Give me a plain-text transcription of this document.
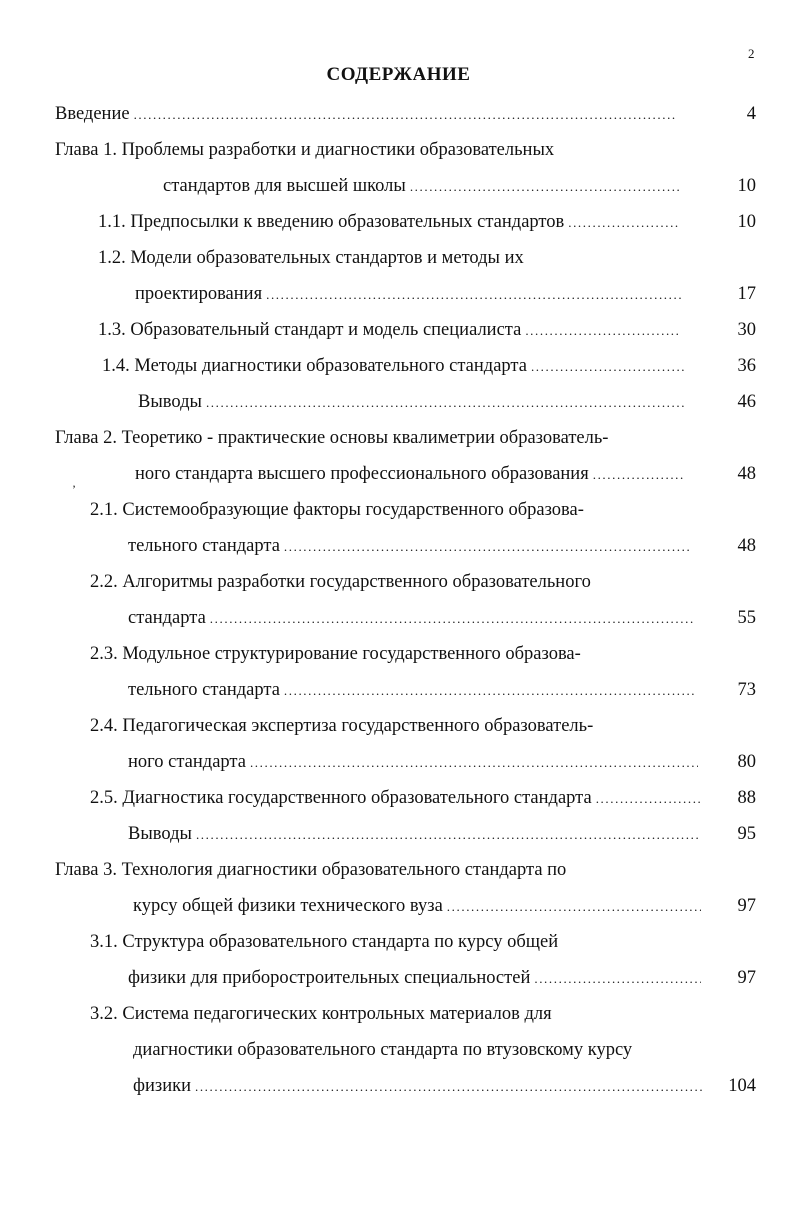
2
СОДЕРЖАНИЕ
Введение .....	4
Глава 1. Проблемы разработки и диагностики образовательных
стандартов для высшей школы .....	10
1.1. Предпосылки к введению образовательных стандартов .....	10
1.2. Модели образовательных стандартов и методы их
проектирования .....	17
1.3. Образовательный стандарт и модель специалиста .....	30
1.4. Методы диагностики образовательного стандарта .....	36
Выводы .....	46
Глава 2. Теоретико - практические основы квалиметрии образователь-
ного стандарта высшего профессионального образования .....	48
’
2.1. Системообразующие факторы государственного образова-
тельного стандарта .....	48
2.2. Алгоритмы разработки государственного образовательного
стандарта .....	55
2.3. Модульное структурирование государственного образова-
тельного стандарта .....	73
2.4. Педагогическая экспертиза государственного образователь-
ного стандарта .....	80
2.5. Диагностика государственного образовательного стандарта .....	88
Выводы .....	95
Глава 3. Технология диагностики образовательного стандарта по
курсу общей физики технического вуза .....	97
3.1. Структура образовательного стандарта по курсу общей
физики для приборостроительных специальностей .....	97
3.2. Система педагогических контрольных материалов для
диагностики образовательного стандарта по втузовскому курсу
физики .....	104
